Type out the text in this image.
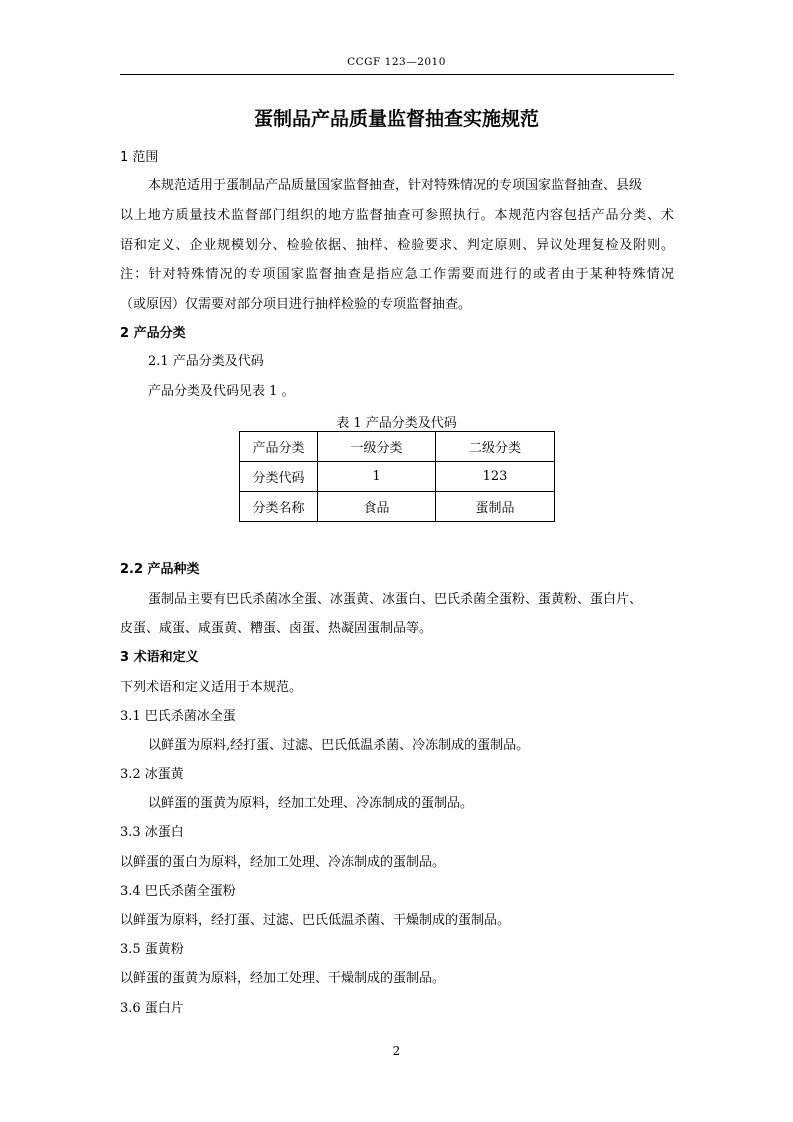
CCGF 123—2010
蛋制品产品质量监督抽查实施规范
1 范围
本规范适用于蛋制品产品质量国家监督抽查，针对特殊情况的专项国家监督抽查、县级
以上地方质量技术监督部门组织的地方监督抽查可参照执行。本规范内容包括产品分类、术
语和定义、企业规模划分、检验依据、抽样、检验要求、判定原则、异议处理复检及附则。
注：针对特殊情况的专项国家监督抽查是指应急工作需要而进行的或者由于某种特殊情况
（或原因）仅需要对部分项目进行抽样检验的专项监督抽查。
2 产品分类
2.1 产品分类及代码
产品分类及代码见表 1 。
表 1 产品分类及代码
产品分类	一级分类	二级分类
分类代码	1	123
分类名称	食品	蛋制品
2.2 产品种类
蛋制品主要有巴氏杀菌冰全蛋、冰蛋黄、冰蛋白、巴氏杀菌全蛋粉、蛋黄粉、蛋白片、
皮蛋、咸蛋、咸蛋黄、糟蛋、卤蛋、热凝固蛋制品等。
3 术语和定义
下列术语和定义适用于本规范。
3.1 巴氏杀菌冰全蛋
以鲜蛋为原料,经打蛋、过滤、巴氏低温杀菌、冷冻制成的蛋制品。
3.2 冰蛋黄
以鲜蛋的蛋黄为原料，经加工处理、冷冻制成的蛋制品。
3.3 冰蛋白
以鲜蛋的蛋白为原料，经加工处理、冷冻制成的蛋制品。
3.4 巴氏杀菌全蛋粉
以鲜蛋为原料，经打蛋、过滤、巴氏低温杀菌、干燥制成的蛋制品。
3.5 蛋黄粉
以鲜蛋的蛋黄为原料，经加工处理、干燥制成的蛋制品。
3.6 蛋白片
2
